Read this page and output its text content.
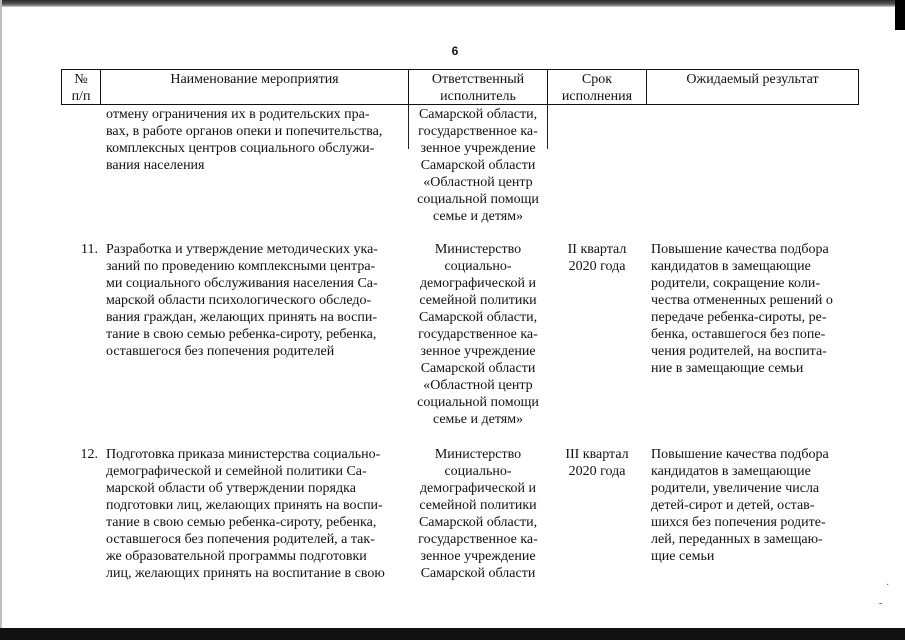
6
№
п/п
Наименование мероприятия	Ответственный
исполнитель
Срок
исполнения
Ожидаемый результат
отмену ограничения их в родительских пра-
вах, в работе органов опеки и попечительства,
комплексных центров социального обслужи-
вания населения
Самарской области,
государственное ка-
зенное учреждение
Самарской области
«Областной центр
социальной помощи
семье и детям»
11. Разработка и утверждение методических ука-
заний по проведению комплексными центра-
ми социального обслуживания населения Са-
марской области психологического обследо-
вания граждан, желающих принять на воспи-
тание в свою семью ребенка-сироту, ребенка,
оставшегося без попечения родителей
Министерство
социально-
демографической и
семейной политики
Самарской области,
государственное ка-
зенное учреждение
Самарской области
«Областной центр
социальной помощи
семье и детям»
II квартал
2020 года
Повышение качества подбора
кандидатов в замещающие
родители, сокращение коли-
чества отмененных решений о
передаче ребенка-сироты, ре-
бенка, оставшегося без попе-
чения родителей, на воспита-
ние в замещающие семьи
12. Подготовка приказа министерства социально-
демографической и семейной политики Са-
марской области об утверждении порядка
подготовки лиц, желающих принять на воспи-
тание в свою семью ребенка-сироту, ребенка,
оставшегося без попечения родителей, а так-
же образовательной программы подготовки
лиц, желающих принять на воспитание в свою
Министерство
социально-
демографической и
семейной политики
Самарской области,
государственное ка-
зенное учреждение
Самарской области
III квартал
2020 года
Повышение качества подбора
кандидатов в замещающие
родители, увеличение числа
детей-сирот и детей, остав-
шихся без попечения родите-
лей, переданных в замещаю-
щие семьи
-
·
